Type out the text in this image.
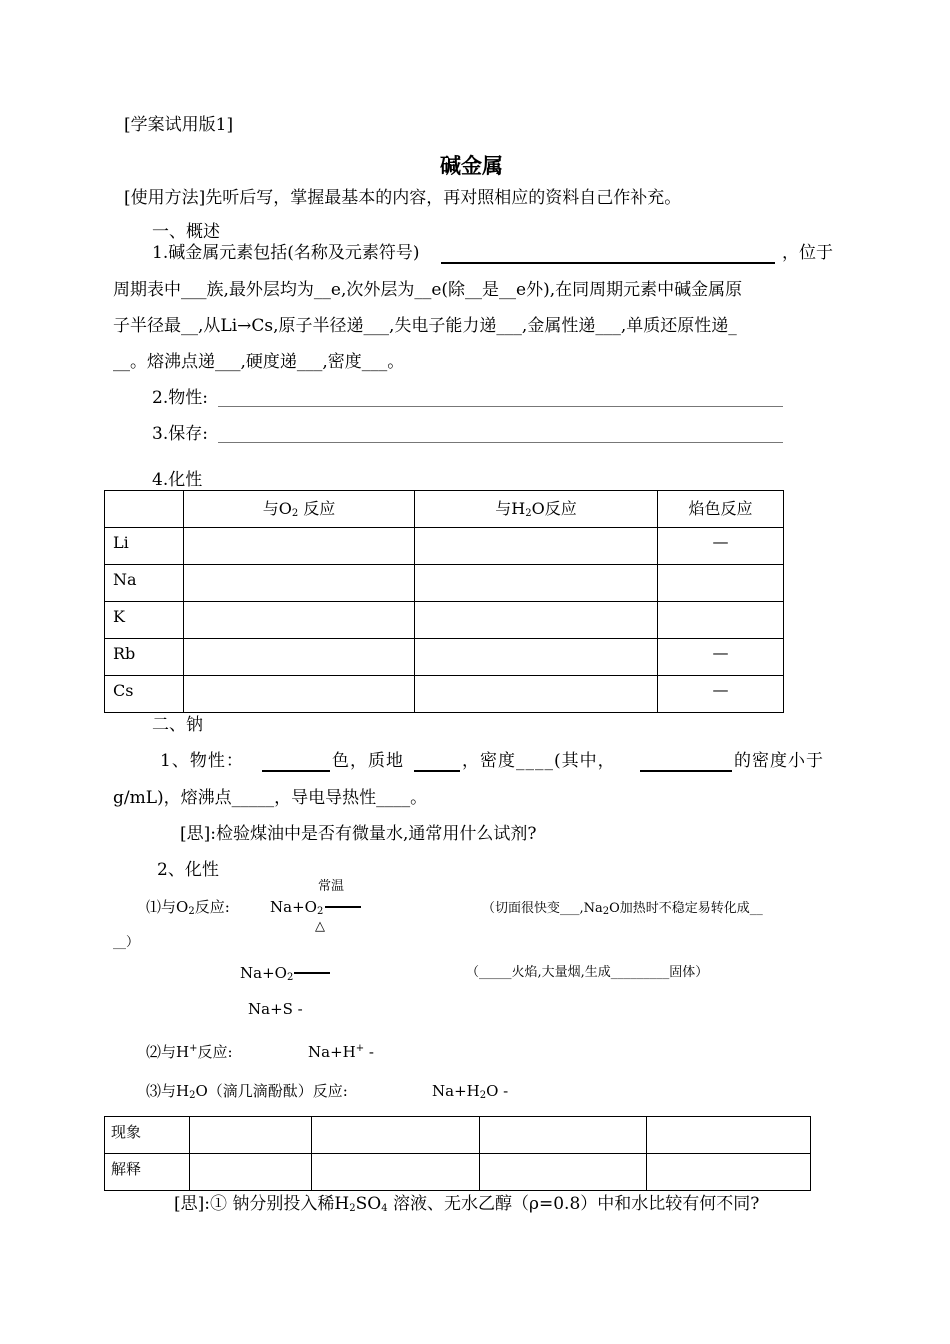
[学案试用版1]
碱金属
[使用方法]先听后写，掌握最基本的内容，再对照相应的资料自己作补充。
一、概述
1.碱金属元素包括(名称及元素符号)	，位于
周期表中___族,最外层均为__e,次外层为__e(除__是__e外),在同周期元素中碱金属原
子半径最__,从Li→Cs,原子半径递___,失电子能力递___,金属性递___,单质还原性递_
__。熔沸点递___,硬度递___,密度___。
2.物性:
3.保存:
4.化性
	与$O_2$ 反应	与$H_2O$反应	焰色反应
Li			—
Na			
K			
Rb			—
Cs			—
二、钠
1、物性：	色，质地	，密度____(其中，	的密度小于
g/mL)，熔沸点_____，导电导热性____。
[思]:检验煤油中是否有微量水,通常用什么试剂?
2、化性
⑴与$O_2$反应:	$Na+O_2$
常温
△
（切面很快变$\_\_\_,Na_2O$加热时不稳定易转化成__
__）
$Na+O_2$	（_____火焰,大量烟,生成_________固体）
Na+S -
⑵与H+反应:	Na+H+ -
⑶与$H_2O$（滴几滴酚酞）反应:	$Na+H_2O$ -
现象				
解释				
[思]:① 钠分别投入稀$H_2SO_4$ 溶液、无水乙醇（ρ=0.8）中和水比较有何不同?
